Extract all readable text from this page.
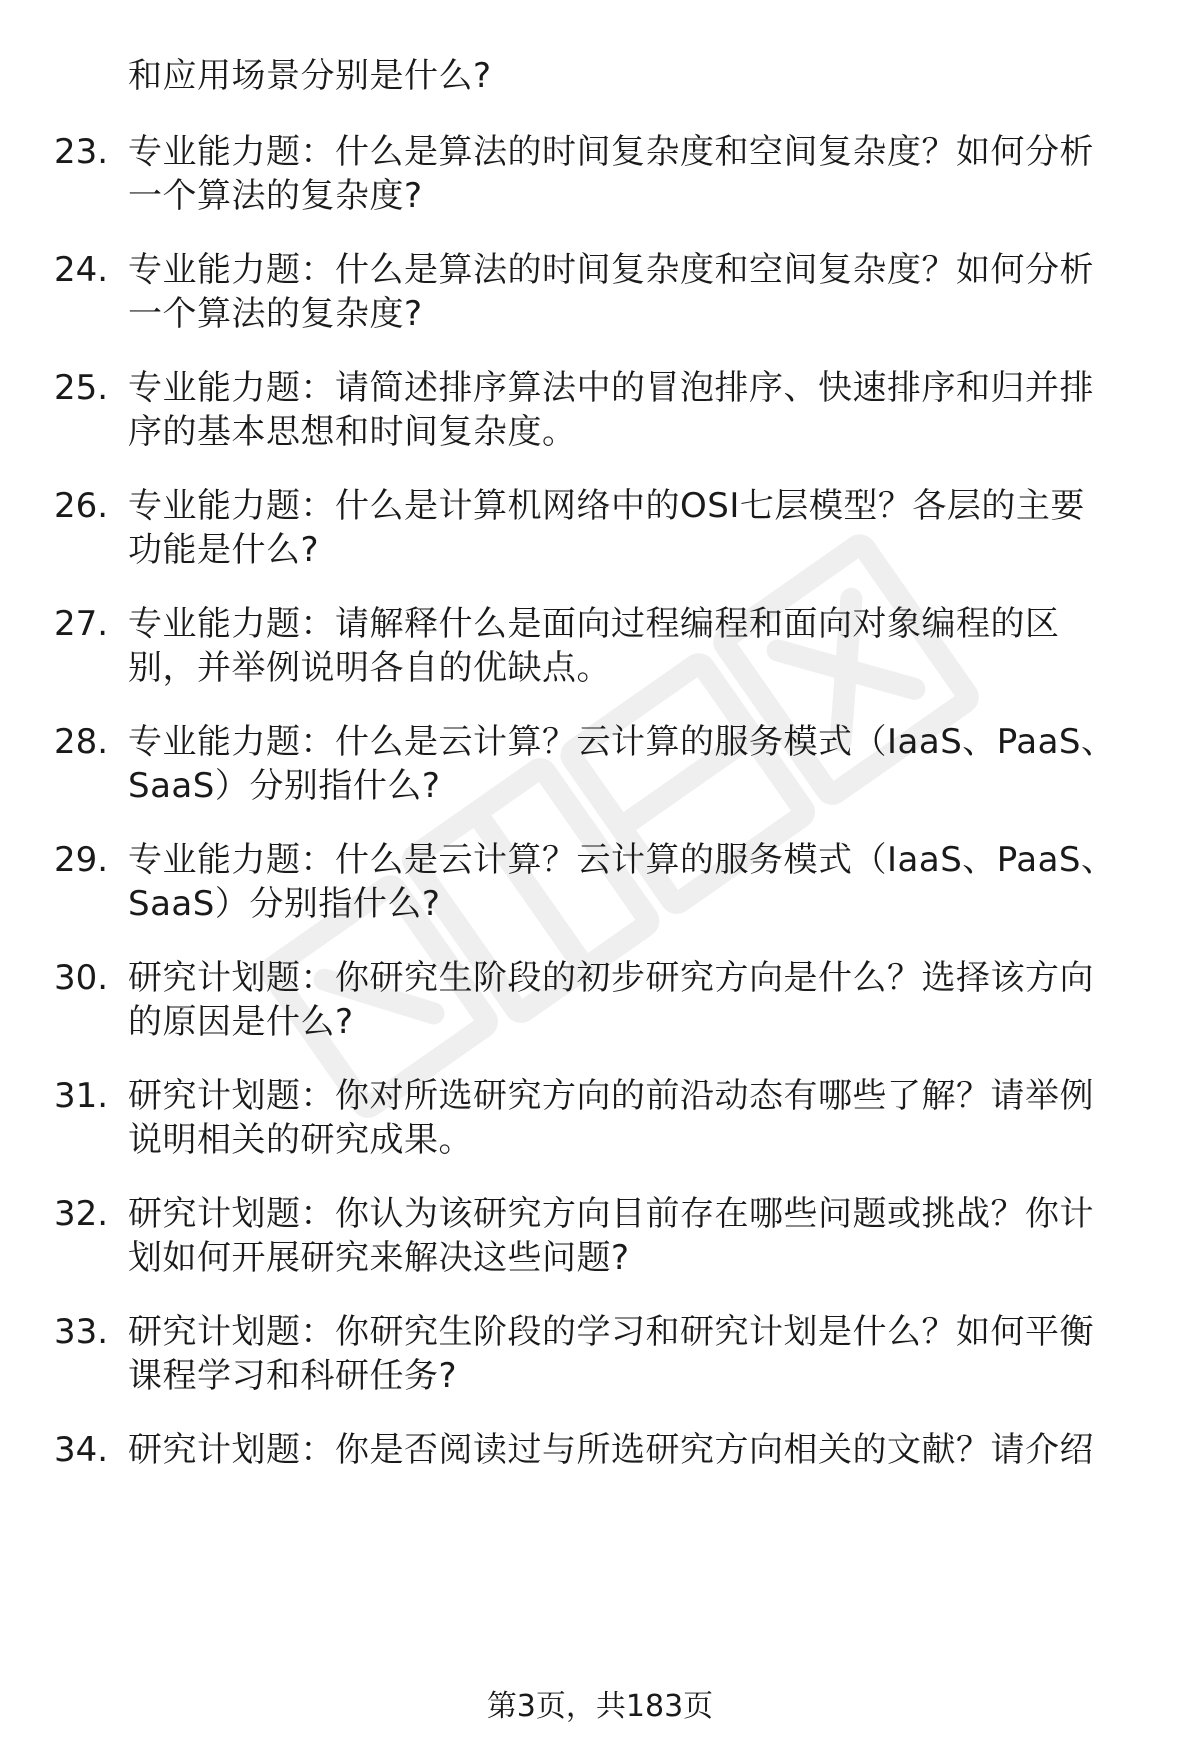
和应用场景分别是什么?
23. 专业能力题：什么是算法的时间复杂度和空间复杂度？如何分析
一个算法的复杂度?
24. 专业能力题：什么是算法的时间复杂度和空间复杂度？如何分析
一个算法的复杂度?
25. 专业能力题：请简述排序算法中的冒泡排序、快速排序和归并排
序的基本思想和时间复杂度。
26. 专业能力题：什么是计算机网络中的OSI七层模型？各层的主要
功能是什么?
27. 专业能力题：请解释什么是面向过程编程和面向对象编程的区
别，并举例说明各自的优缺点。
28. 专业能力题：什么是云计算？云计算的服务模式（IaaS、PaaS、
SaaS）分别指什么?
29. 专业能力题：什么是云计算？云计算的服务模式（IaaS、PaaS、
SaaS）分别指什么?
30. 研究计划题：你研究生阶段的初步研究方向是什么？选择该方向
的原因是什么?
31. 研究计划题：你对所选研究方向的前沿动态有哪些了解？请举例
说明相关的研究成果。
32. 研究计划题：你认为该研究方向目前存在哪些问题或挑战？你计
划如何开展研究来解决这些问题?
33. 研究计划题：你研究生阶段的学习和研究计划是什么？如何平衡
课程学习和科研任务?
34. 研究计划题：你是否阅读过与所选研究方向相关的文献？请介绍
第3页，共183页
